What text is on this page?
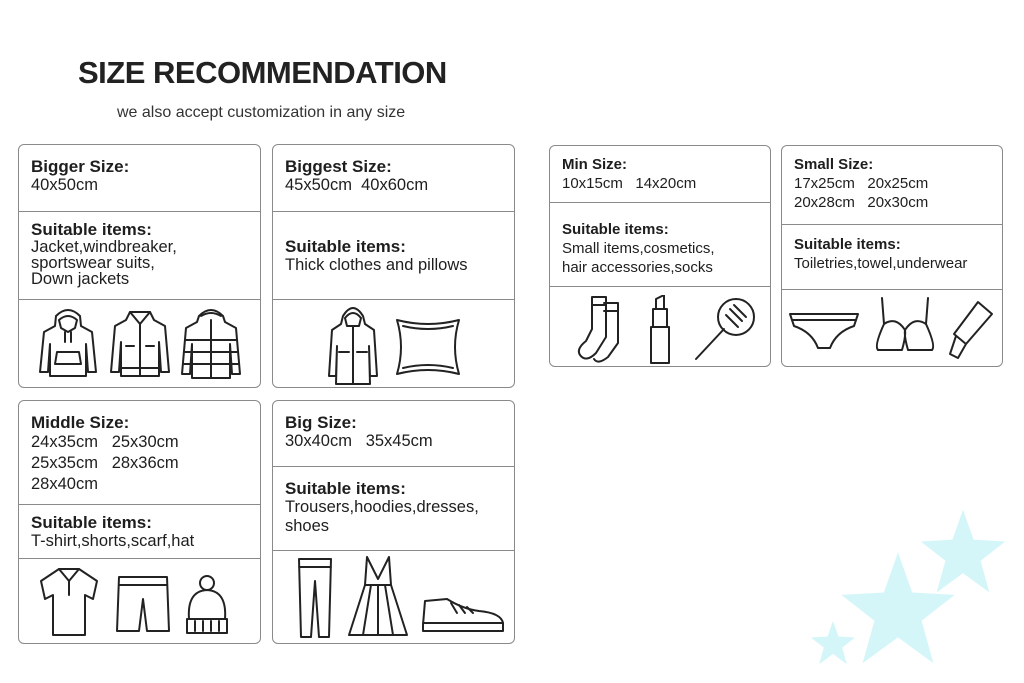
SIZE RECOMMENDATION
we also accept customization in any size
Bigger Size:
40x50cm
Suitable items:
Jacket,windbreaker,
sportswear suits,
Down jackets
Biggest Size:
45x50cm  40x60cm
Suitable items:
Thick clothes and pillows
Min Size:
10x15cm   14x20cm
Suitable items:
Small items,cosmetics,
hair accessories,socks
Small Size:
17x25cm   20x25cm
20x28cm   20x30cm
Suitable items:
Toiletries,towel,underwear
Middle Size:
24x35cm   25x30cm
25x35cm   28x36cm
28x40cm
Suitable items:
T-shirt,shorts,scarf,hat
Big Size:
30x40cm   35x45cm
Suitable items:
Trousers,hoodies,dresses,
shoes
